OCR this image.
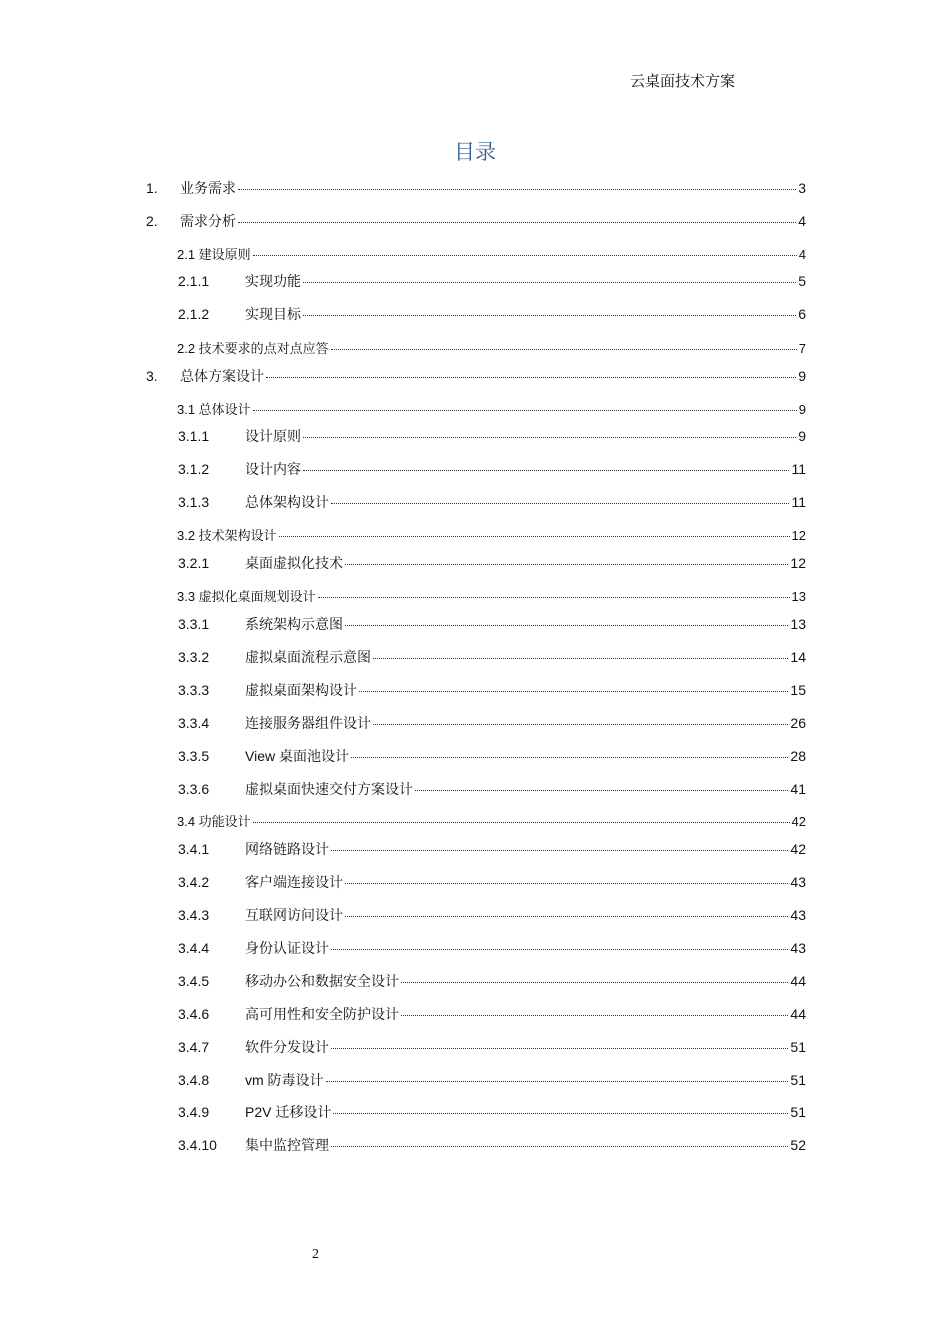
云桌面技术方案
目录
1.	业务需求	3
2.	需求分析	4
2.1 建设原则	4
2.1.1	实现功能	5
2.1.2	实现目标	6
2.2 技术要求的点对点应答	7
3.	总体方案设计	9
3.1 总体设计	9
3.1.1	设计原则	9
3.1.2	设计内容	11
3.1.3	总体架构设计	11
3.2 技术架构设计	12
3.2.1	桌面虚拟化技术	12
3.3 虚拟化桌面规划设计	13
3.3.1	系统架构示意图	13
3.3.2	虚拟桌面流程示意图	14
3.3.3	虚拟桌面架构设计	15
3.3.4	连接服务器组件设计	26
3.3.5	View 桌面池设计	28
3.3.6	虚拟桌面快速交付方案设计	41
3.4 功能设计	42
3.4.1	网络链路设计	42
3.4.2	客户端连接设计	43
3.4.3	互联网访问设计	43
3.4.4	身份认证设计	43
3.4.5	移动办公和数据安全设计	44
3.4.6	高可用性和安全防护设计	44
3.4.7	软件分发设计	51
3.4.8	vm 防毒设计	51
3.4.9	P2V 迁移设计	51
3.4.10	集中监控管理	52
2
